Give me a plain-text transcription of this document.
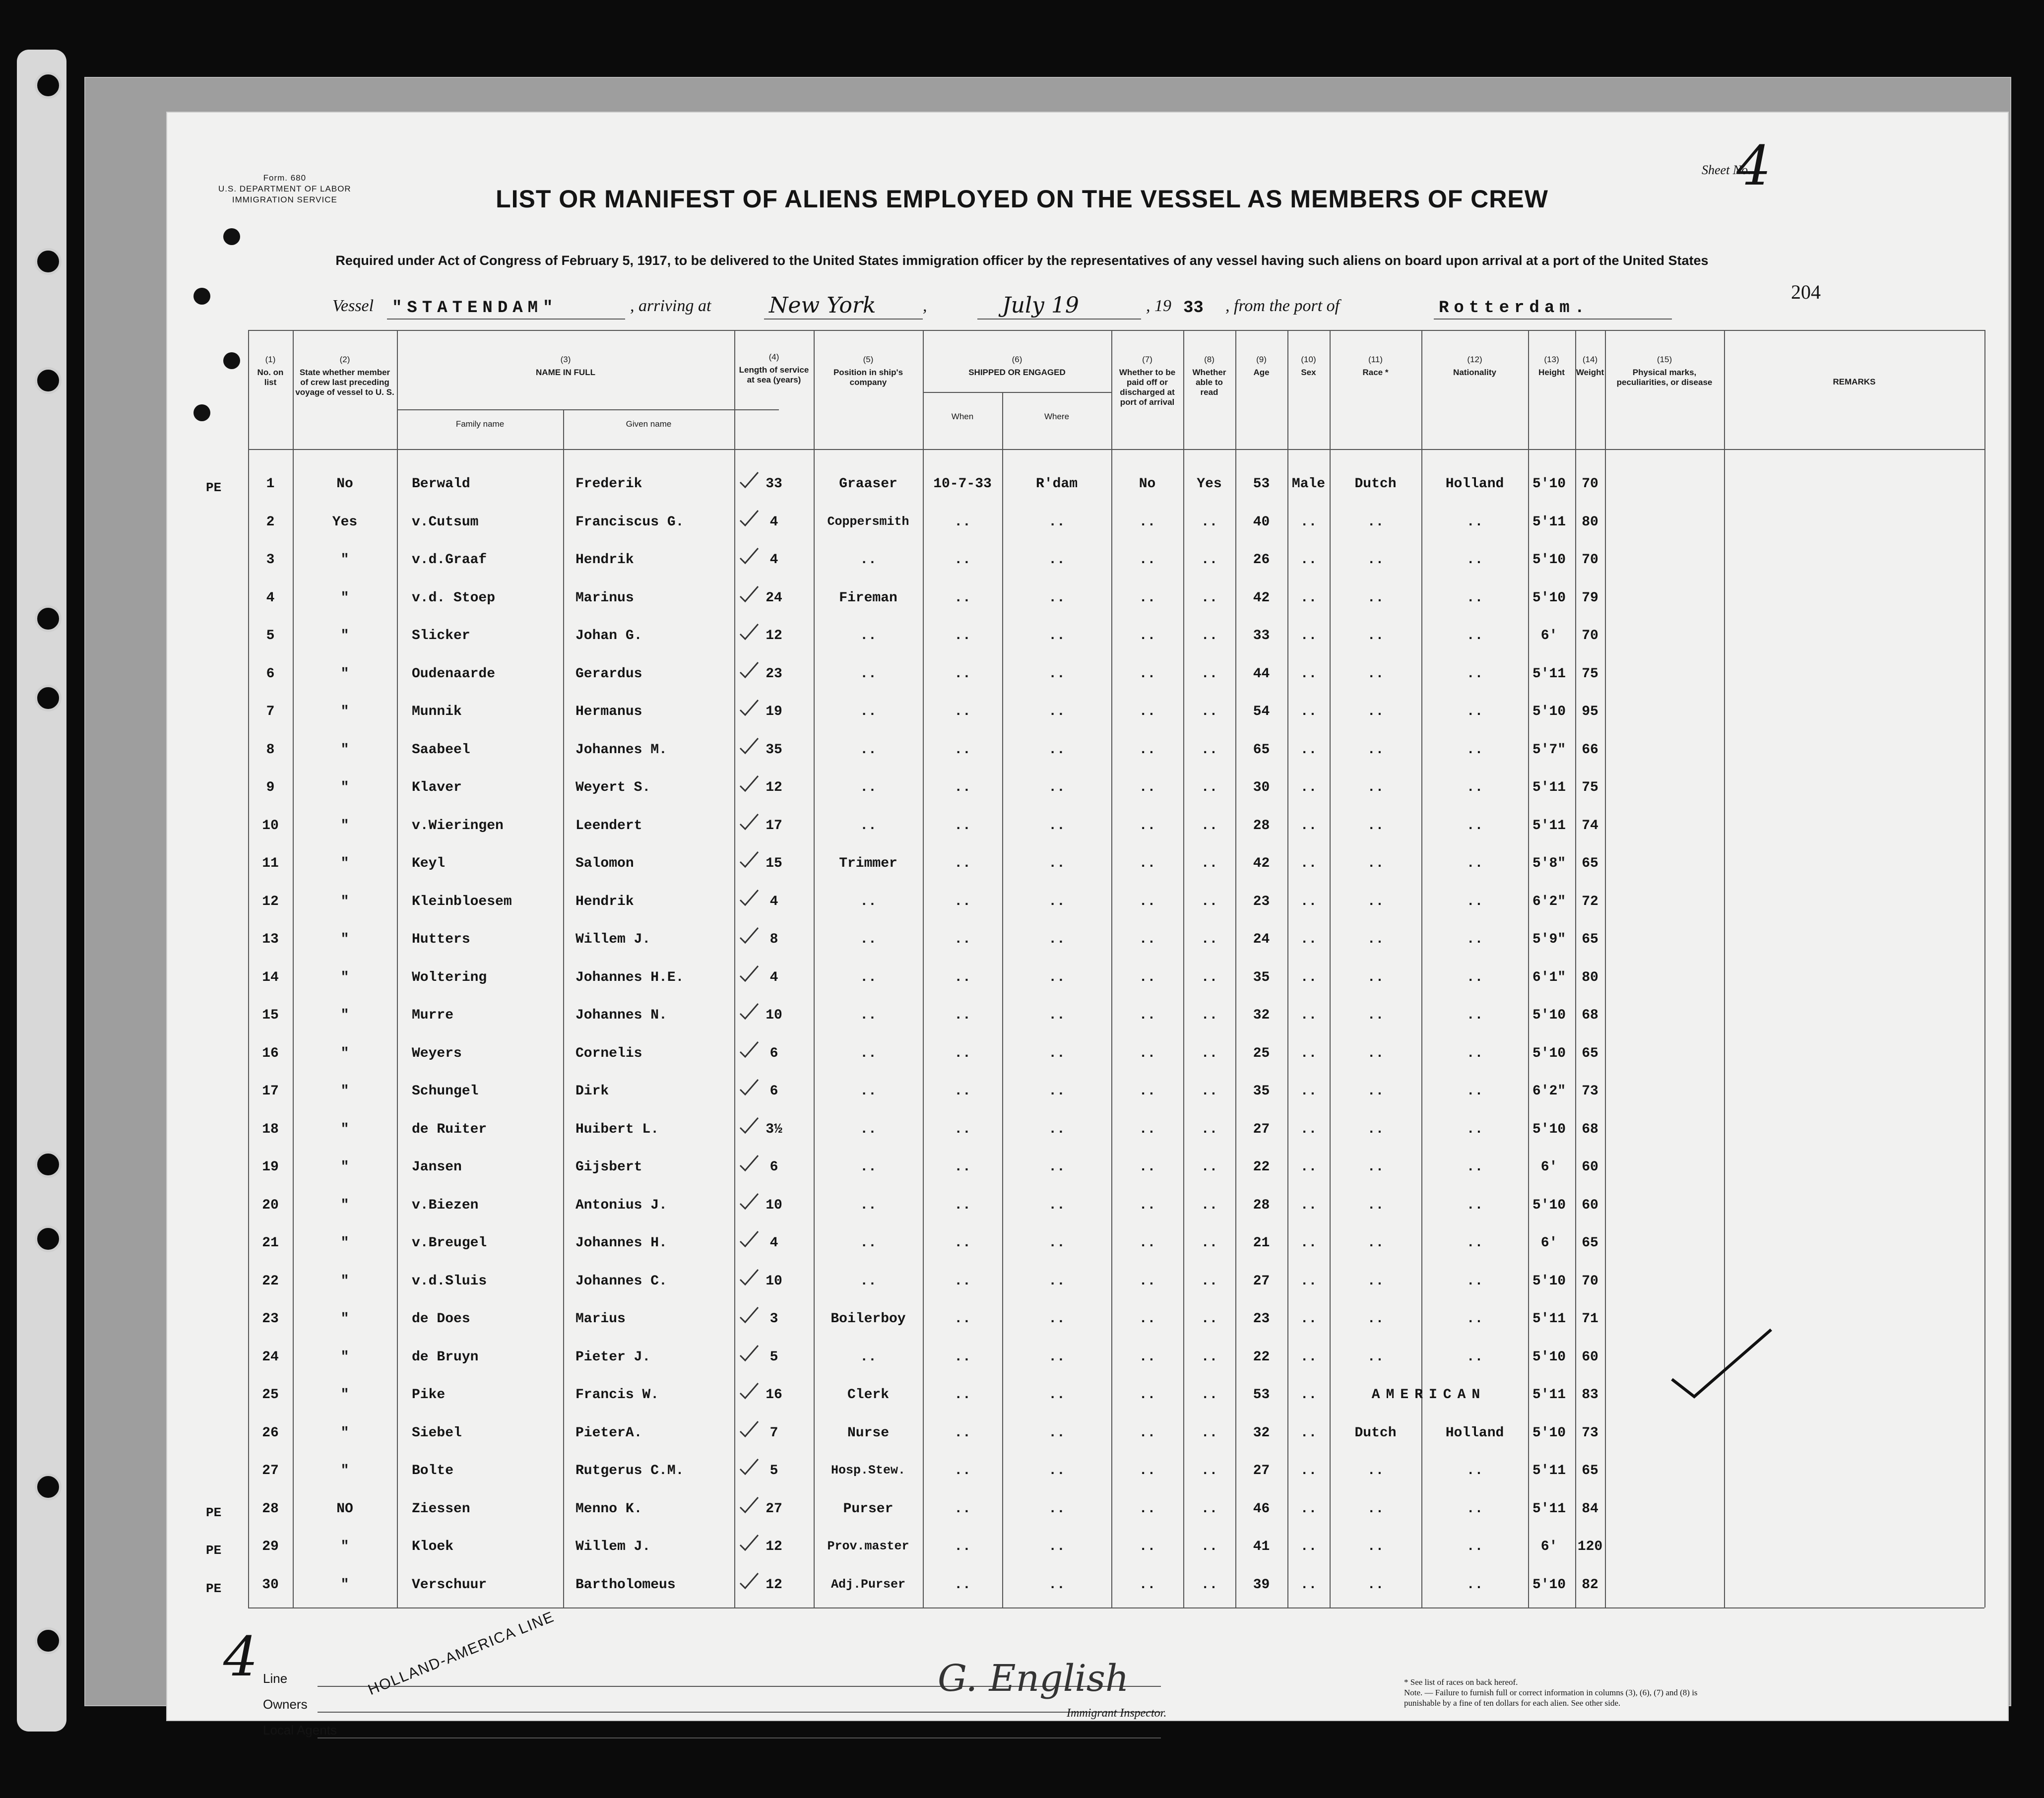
Form. 680
U.S. DEPARTMENT OF LABOR
IMMIGRATION SERVICE
Sheet No.
4
LIST OR MANIFEST OF ALIENS EMPLOYED ON THE VESSEL AS MEMBERS OF CREW
Required under Act of Congress of February 5, 1917, to be delivered to the United States immigration officer by the representatives of any vessel having such aliens on board upon arrival at a port of the United States
204
Vessel "STATENDAM"	, arriving at	New York	,	July 19	, 19 33 , from the port of	Rotterdam.
(1)
No. on list
(2)
State whether member of crew last preceding voyage of vessel to U. S.
(3)
NAME IN FULL
Family name	Given name
(4)
Length of service at sea (years)
(5)
Position in ship's company
(6)
SHIPPED OR ENGAGED
When	Where
(7)
Whether to be paid off or discharged at port of arrival
(8)
Whether able to read
(9)
Age
(10)
Sex
(11)
Race *
(12)
Nationality
(13)
Height
(14)
Weight
(15)
Physical marks, peculiarities, or disease	REMARKS
PE	1	No	Berwald	Frederik	33	Graaser	10-7-33	R'dam	No	Yes	53	Male	Dutch	Holland	5'10	70
2	Yes	v.Cutsum	Franciscus G.	4	Coppersmith	..	..	..	..	40	..	..	..	5'11	80
3	"	v.d.Graaf	Hendrik	4	..	..	..	..	..	26	..	..	..	5'10	70
4	"	v.d. Stoep	Marinus	24	Fireman	..	..	..	..	42	..	..	..	5'10	79
5	"	Slicker	Johan G.	12	..	..	..	..	..	33	..	..	..	6'	70
6	"	Oudenaarde	Gerardus	23	..	..	..	..	..	44	..	..	..	5'11	75
7	"	Munnik	Hermanus	19	..	..	..	..	..	54	..	..	..	5'10	95
8	"	Saabeel	Johannes M.	35	..	..	..	..	..	65	..	..	..	5'7"	66
9	"	Klaver	Weyert S.	12	..	..	..	..	..	30	..	..	..	5'11	75
10	"	v.Wieringen	Leendert	17	..	..	..	..	..	28	..	..	..	5'11	74
11	"	Keyl	Salomon	15	Trimmer	..	..	..	..	42	..	..	..	5'8"	65
12	"	Kleinbloesem	Hendrik	4	..	..	..	..	..	23	..	..	..	6'2"	72
13	"	Hutters	Willem J.	8	..	..	..	..	..	24	..	..	..	5'9"	65
14	"	Woltering	Johannes H.E.	4	..	..	..	..	..	35	..	..	..	6'1"	80
15	"	Murre	Johannes N.	10	..	..	..	..	..	32	..	..	..	5'10	68
16	"	Weyers	Cornelis	6	..	..	..	..	..	25	..	..	..	5'10	65
17	"	Schungel	Dirk	6	..	..	..	..	..	35	..	..	..	6'2"	73
18	"	de Ruiter	Huibert L.	3½	..	..	..	..	..	27	..	..	..	5'10	68
19	"	Jansen	Gijsbert	6	..	..	..	..	..	22	..	..	..	6'	60
20	"	v.Biezen	Antonius J.	10	..	..	..	..	..	28	..	..	..	5'10	60
21	"	v.Breugel	Johannes H.	4	..	..	..	..	..	21	..	..	..	6'	65
22	"	v.d.Sluis	Johannes C.	10	..	..	..	..	..	27	..	..	..	5'10	70
23	"	de Does	Marius	3	Boilerboy	..	..	..	..	23	..	..	..	5'11	71
24	"	de Bruyn	Pieter J.	5	..	..	..	..	..	22	..	..	..	5'10	60
25	"	Pike	Francis W.	16	Clerk	..	..	..	..	53	..	AMERICAN	5'11	83
26	"	Siebel	PieterA.	7	Nurse	..	..	..	..	32	..	Dutch	Holland	5'10	73
27	"	Bolte	Rutgerus C.M.	5	Hosp.Stew.	..	..	..	..	27	..	..	..	5'11	65
PE	28	NO	Ziessen	Menno K.	27	Purser	..	..	..	..	46	..	..	..	5'11	84
PE	29	"	Kloek	Willem J.	12	Prov.master	..	..	..	..	41	..	..	..	6'	120
PE	30	"	Verschuur	Bartholomeus	12	Adj.Purser	..	..	..	..	39	..	..	..	5'10	82
4 Line
Owners
Local Agents
HOLLAND-AMERICA LINE	G. English
Immigrant Inspector.
* See list of races on back hereof.
Note. — Failure to furnish full or correct information in columns (3), (6), (7) and (8) is punishable by a fine of ten dollars for each alien. See other side.
